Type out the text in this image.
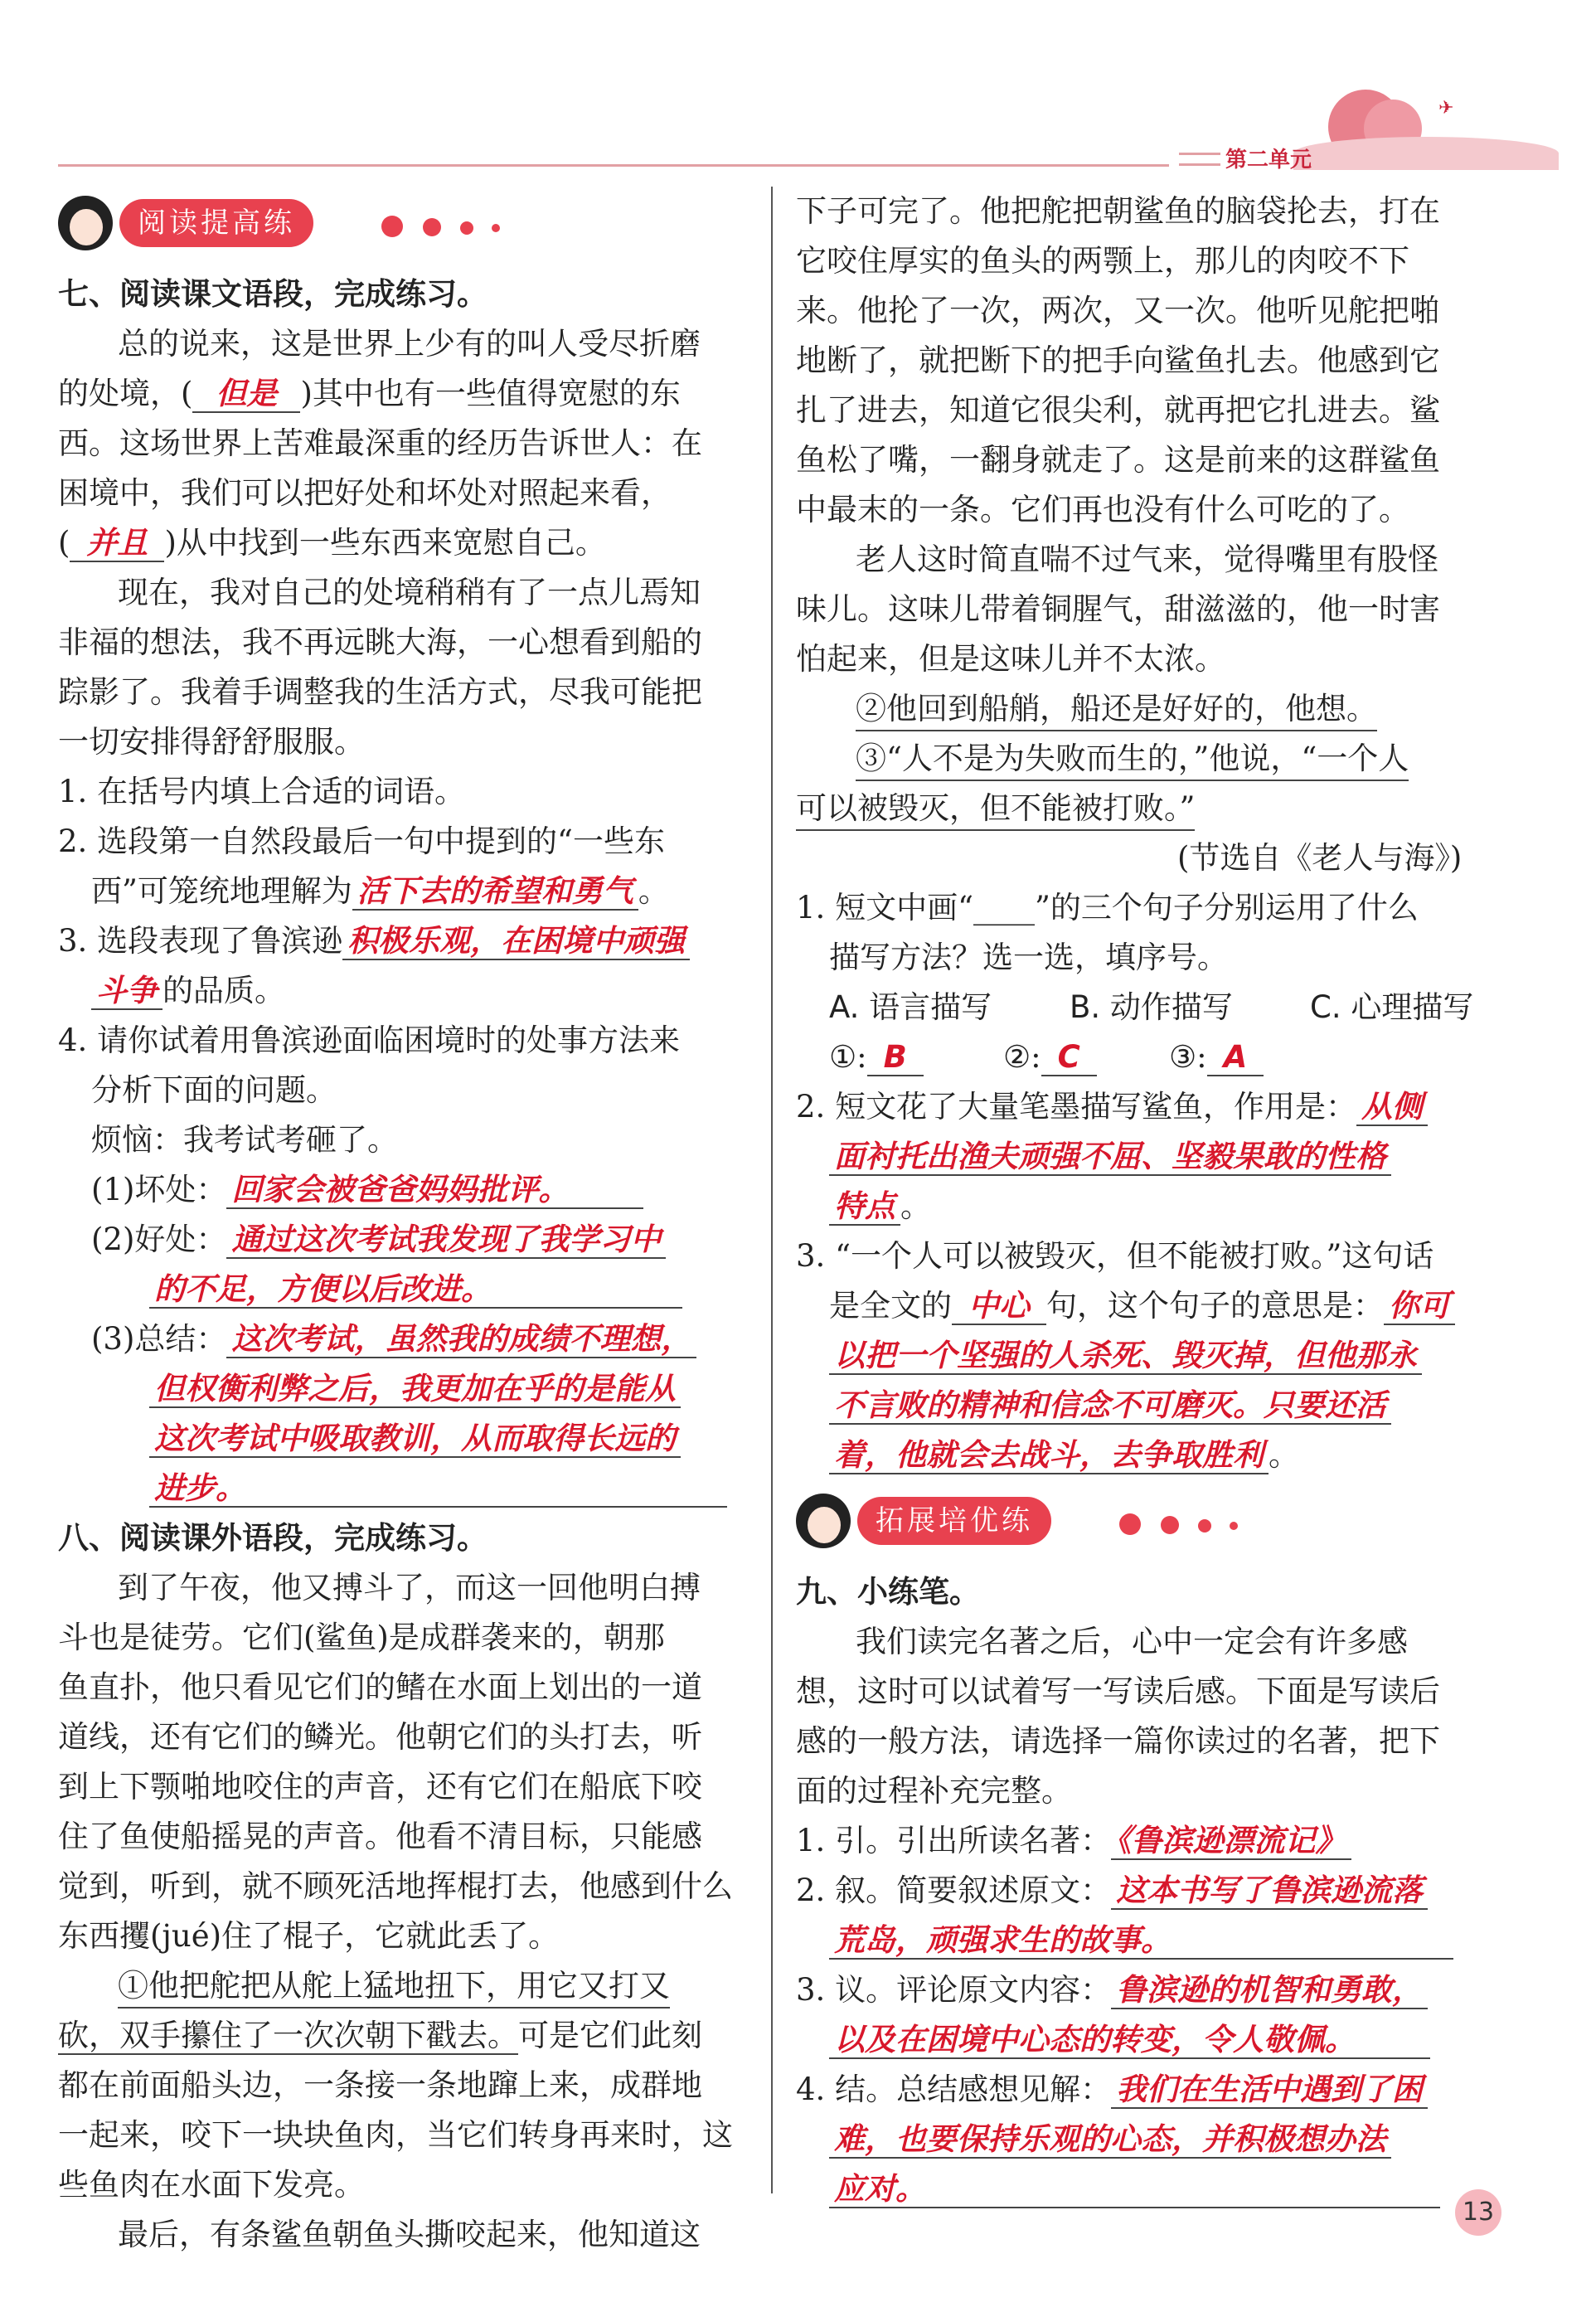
✈
第二单元
阅读提高练
七、阅读课文语段，完成练习。
总的说来，这是世界上少有的叫人受尽折磨
的处境，( 但是 )其中也有一些值得宽慰的东
西。这场世界上苦难最深重的经历告诉世人：在
困境中，我们可以把好处和坏处对照起来看，
( 并且 )从中找到一些东西来宽慰自己。
现在，我对自己的处境稍稍有了一点儿焉知
非福的想法，我不再远眺大海，一心想看到船的
踪影了。我着手调整我的生活方式，尽我可能把
一切安排得舒舒服服。
1. 在括号内填上合适的词语。
2. 选段第一自然段最后一句中提到的“一些东
西”可笼统地理解为 活下去的希望和勇气 。
3. 选段表现了鲁滨逊 积极乐观，在困境中顽强
斗争 的品质。
4. 请你试着用鲁滨逊面临困境时的处事方法来
分析下面的问题。
烦恼：我考试考砸了。
(1)坏处： 回家会被爸爸妈妈批评。
(2)好处： 通过这次考试我发现了我学习中
的不足，方便以后改进。
(3)总结： 这次考试，虽然我的成绩不理想，
但权衡利弊之后，我更加在乎的是能从
这次考试中吸取教训，从而取得长远的
进步。
八、阅读课外语段，完成练习。
到了午夜，他又搏斗了，而这一回他明白搏
斗也是徒劳。它们(鲨鱼)是成群袭来的，朝那
鱼直扑，他只看见它们的鳍在水面上划出的一道
道线，还有它们的鳞光。他朝它们的头打去，听
到上下颚啪地咬住的声音，还有它们在船底下咬
住了鱼使船摇晃的声音。他看不清目标，只能感
觉到，听到，就不顾死活地挥棍打去，他感到什么
东西攫(jué)住了棍子，它就此丢了。
①他把舵把从舵上猛地扭下，用它又打又
砍，双手攥住了一次次朝下戳去。可是它们此刻
都在前面船头边，一条接一条地蹿上来，成群地
一起来，咬下一块块鱼肉，当它们转身再来时，这
些鱼肉在水面下发亮。
最后，有条鲨鱼朝鱼头撕咬起来，他知道这
下子可完了。他把舵把朝鲨鱼的脑袋抡去，打在
它咬住厚实的鱼头的两颚上，那儿的肉咬不下
来。他抡了一次，两次，又一次。他听见舵把啪
地断了，就把断下的把手向鲨鱼扎去。他感到它
扎了进去，知道它很尖利，就再把它扎进去。鲨
鱼松了嘴，一翻身就走了。这是前来的这群鲨鱼
中最末的一条。它们再也没有什么可吃的了。
老人这时简直喘不过气来，觉得嘴里有股怪
味儿。这味儿带着铜腥气，甜滋滋的，他一时害
怕起来，但是这味儿并不太浓。
②他回到船艄，船还是好好的，他想。
③“人不是为失败而生的，”他说，“一个人
可以被毁灭，但不能被打败。”
(节选自《老人与海》)
1. 短文中画“____”的三个句子分别运用了什么
描写方法？选一选，填序号。
A. 语言描写	B. 动作描写	C. 心理描写
①: B	②: C	③: A
2. 短文花了大量笔墨描写鲨鱼，作用是： 从侧
面衬托出渔夫顽强不屈、坚毅果敢的性格
特点 。
3. “一个人可以被毁灭，但不能被打败。”这句话
是全文的 中心 句，这个句子的意思是： 你可
以把一个坚强的人杀死、毁灭掉，但他那永
不言败的精神和信念不可磨灭。只要还活
着，他就会去战斗，去争取胜利 。
拓展培优练
九、小练笔。
我们读完名著之后，心中一定会有许多感
想，这时可以试着写一写读后感。下面是写读后
感的一般方法，请选择一篇你读过的名著，把下
面的过程补充完整。
1. 引。引出所读名著： 《鲁滨逊漂流记》
2. 叙。简要叙述原文： 这本书写了鲁滨逊流落
荒岛，顽强求生的故事。
3. 议。评论原文内容： 鲁滨逊的机智和勇敢，
以及在困境中心态的转变，令人敬佩。
4. 结。总结感想见解： 我们在生活中遇到了困
难，也要保持乐观的心态，并积极想办法
应对。
13
